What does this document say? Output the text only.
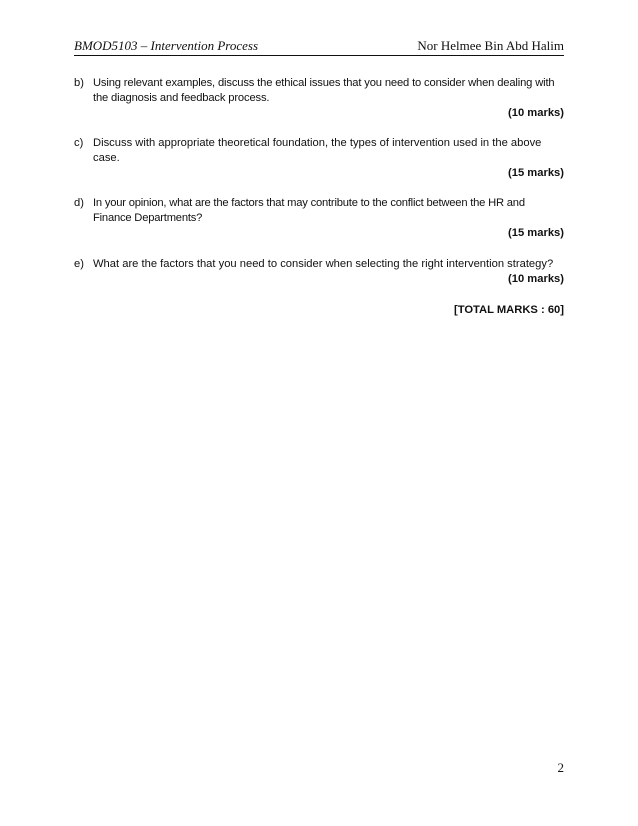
BMOD5103 – Intervention Process	Nor Helmee Bin Abd Halim
b) Using relevant examples, discuss the ethical issues that you need to consider when dealing with the diagnosis and feedback process.
(10 marks)
c) Discuss with appropriate theoretical foundation, the types of intervention used in the above case.
(15 marks)
d) In your opinion, what are the factors that may contribute to the conflict between the HR and Finance Departments?
(15 marks)
e) What are the factors that you need to consider when selecting the right intervention strategy?
(10 marks)
[TOTAL MARKS : 60]
2
